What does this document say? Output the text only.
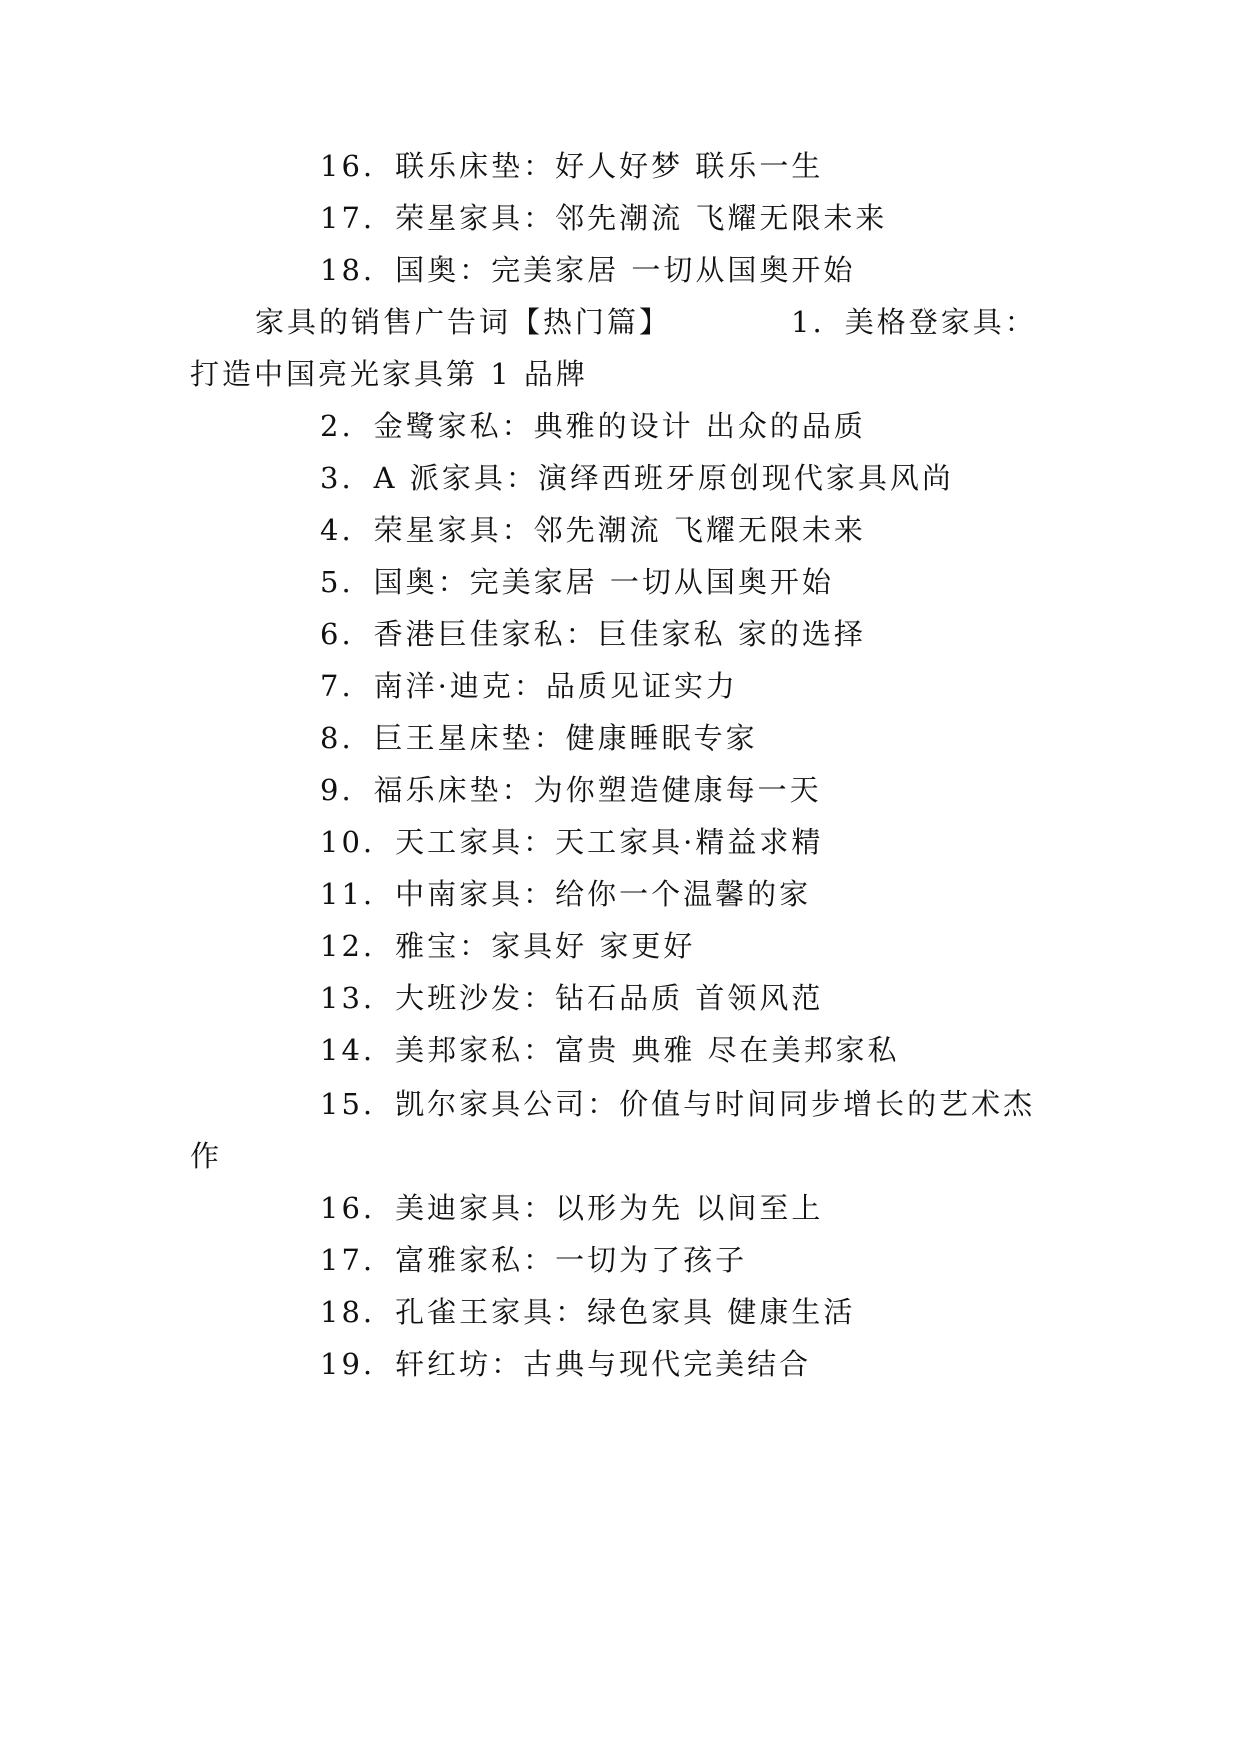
16. 联乐床垫：好人好梦 联乐一生
17. 荣星家具：邻先潮流 飞耀无限未来
18. 国奥：完美家居 一切从国奥开始
家具的销售广告词【热门篇】	1. 美格登家具：
打造中国亮光家具第 1 品牌
2. 金鹭家私：典雅的设计 出众的品质
3. A 派家具：演绎西班牙原创现代家具风尚
4. 荣星家具：邻先潮流 飞耀无限未来
5. 国奥：完美家居 一切从国奥开始
6. 香港巨佳家私：巨佳家私 家的选择
7. 南洋·迪克：品质见证实力
8. 巨王星床垫：健康睡眠专家
9. 福乐床垫：为你塑造健康每一天
10. 天工家具：天工家具·精益求精
11. 中南家具：给你一个温馨的家
12. 雅宝：家具好 家更好
13. 大班沙发：钻石品质 首领风范
14. 美邦家私：富贵 典雅 尽在美邦家私
15. 凯尔家具公司：价值与时间同步增长的艺术杰
作
16. 美迪家具：以形为先 以间至上
17. 富雅家私：一切为了孩子
18. 孔雀王家具：绿色家具 健康生活
19. 轩红坊：古典与现代完美结合
